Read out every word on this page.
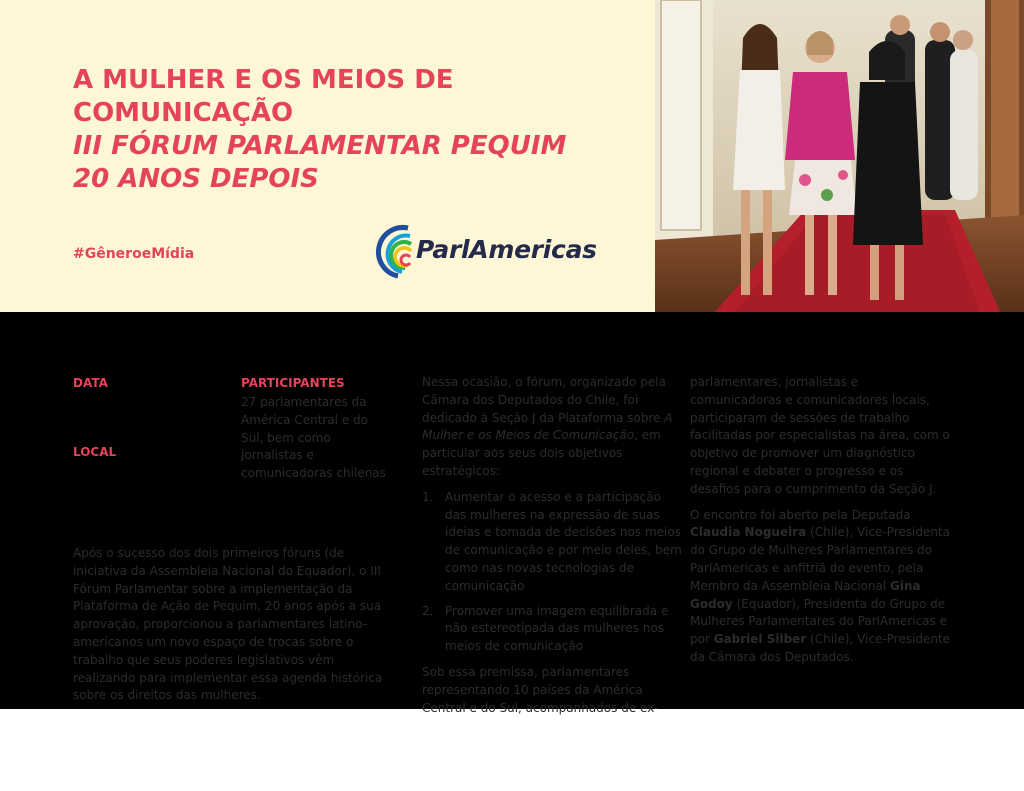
A MULHER E OS MEIOS DE
COMUNICAÇÃO
III FÓRUM PARLAMENTAR PEQUIM
20 ANOS DEPOIS
#GêneroeMídia	ParlAmericas
DATA
LOCAL
PARTICIPANTES
27 parlamentares da América Central e do Sul, bem como jornalistas e comunicadoras chilenas
Após o sucesso dos dois primeiros fóruns (de iniciativa da Assembleia Nacional do Equador), o III Fórum Parlamentar sobre a implementação da Plataforma de Ação de Pequim, 20 anos após a sua aprovação, proporcionou a parlamentares latino-americanos um novo espaço de trocas sobre o trabalho que seus poderes legislativos vêm realizando para implementar essa agenda histórica sobre os direitos das mulheres.

Nessa ocasião, o fórum, organizado pela Câmara dos Deputados do Chile, foi dedicado à Seção J da Plataforma sobre A Mulher e os Meios de Comunicação, em particular aos seus dois objetivos estratégicos:

1. Aumentar o acesso e a participação das mulheres na expressão de suas ideias e tomada de decisões nos meios de comunicação e por meio deles, bem como nas novas tecnologias de comunicação
2. Promover uma imagem equilibrada e não estereotipada das mulheres nos meios de comunicação

Sob essa premissa, parlamentares representando 10 países da América Central e do Sul, acompanhados de ex-

parlamentares, jornalistas e comunicadoras e comunicadores locais, participaram de sessões de trabalho facilitadas por especialistas na área, com o objetivo de promover um diagnóstico regional e debater o progresso e os desafios para o cumprimento da Seção J.

O encontro foi aberto pela Deputada Claudia Nogueira (Chile), Vice-Presidenta do Grupo de Mulheres Parlamentares do ParlAmericas e anfitriã do evento, pela Membro da Assembleia Nacional Gina Godoy (Equador), Presidenta do Grupo de Mulheres Parlamentares do ParlAmericas e por Gabriel Silber (Chile), Vice-Presidente da Câmara dos Deputados.
